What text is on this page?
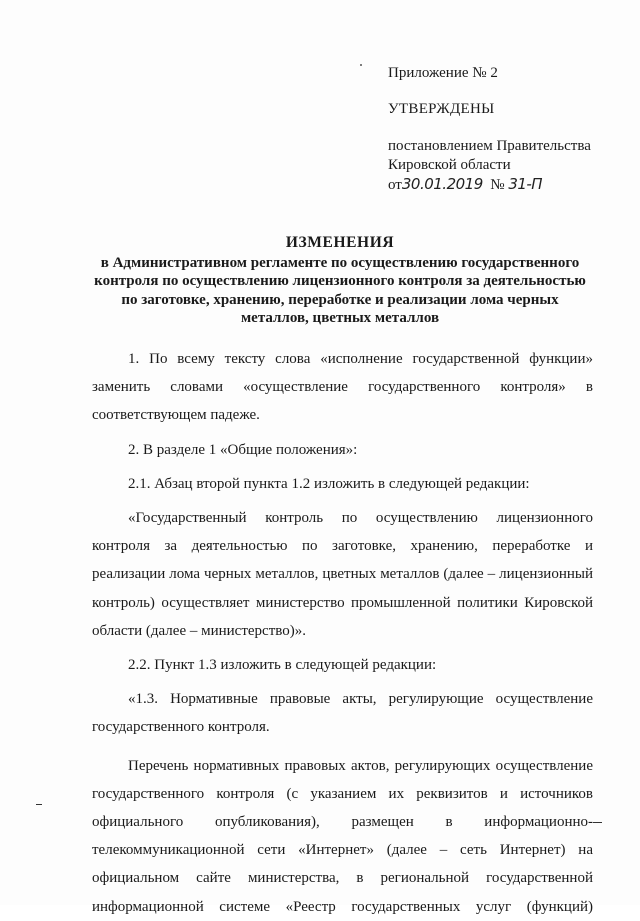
Приложение № 2

УТВЕРЖДЕНЫ

постановлением Правительства

Кировской области

от30.01.2019 № 31-П

ИЗМЕНЕНИЯ

в Административном регламенте по осуществлению государственного

контроля по осуществлению лицензионного контроля за деятельностью

по заготовке, хранению, переработке и реализации лома черных

металлов, цветных металлов

1. По всему тексту слова «исполнение государственной функции» заменить словами «осуществление государственного контроля» в соответствующем падеже.

2. В разделе 1 «Общие положения»:

2.1. Абзац второй пункта 1.2 изложить в следующей редакции:

«Государственный контроль по осуществлению лицензионного контроля за деятельностью по заготовке, хранению, переработке и реализации лома черных металлов, цветных металлов (далее – лицензионный контроль) осуществляет министерство промышленной политики Кировской области (далее – министерство)».

2.2. Пункт 1.3 изложить в следующей редакции:

«1.3. Нормативные правовые акты, регулирующие осуществление государственного контроля.

Перечень нормативных правовых актов, регулирующих осуществление государственного контроля (с указанием их реквизитов и источников официального опубликования), размещен в информационно-телекоммуникационной сети «Интернет» (далее – сеть Интернет) на официальном сайте министерства, в региональной государственной информационной системе «Реестр государственных услуг (функций)
